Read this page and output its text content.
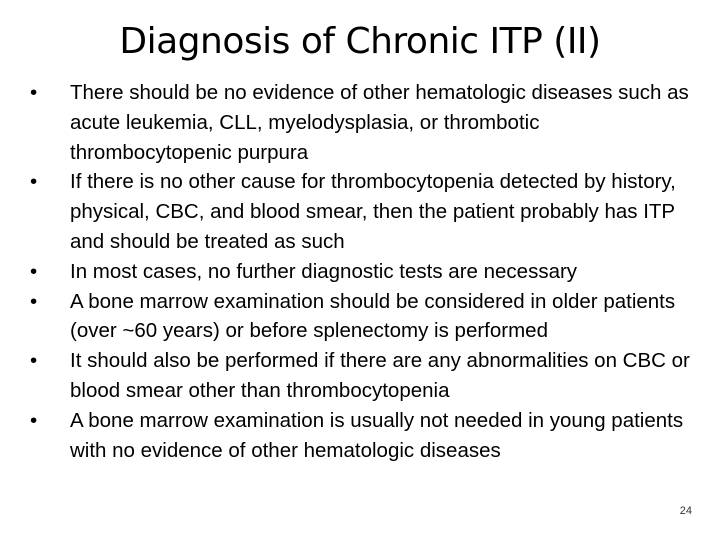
Diagnosis of Chronic ITP (II)
•	There should be no evidence of other hematologic diseases such as acute leukemia, CLL, myelodysplasia, or thrombotic thrombocytopenic purpura
•	If there is no other cause for thrombocytopenia detected by history, physical, CBC, and blood smear, then the patient probably has ITP and should be treated as such
•	In most cases, no further diagnostic tests are necessary
•	A bone marrow examination should be considered in older patients (over ~60 years) or before splenectomy is performed
•	It should also be performed if there are any abnormalities on CBC or blood smear other than thrombocytopenia
•	A bone marrow examination is usually not needed in young patients with no evidence of other hematologic diseases
24
